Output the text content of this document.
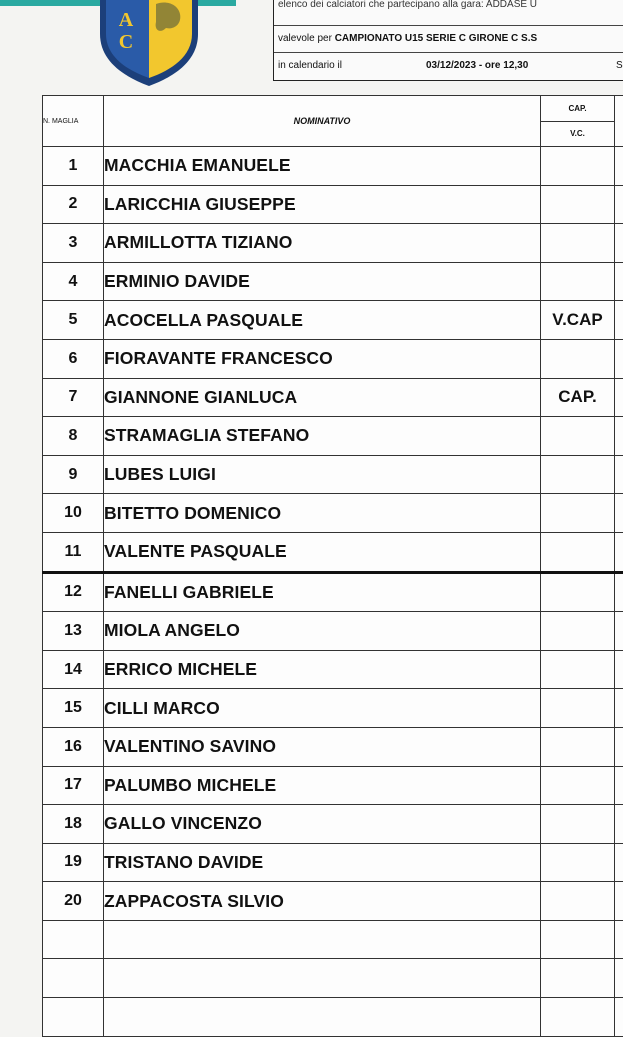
A
C
elenco dei calciatori che partecipano alla gara: ADDASE U
valevole per CAMPIONATO U15 SERIE C GIRONE C S.S
in calendario il	03/12/2023 - ore 12,30	S
N. MAGLIA	NOMINATIVO	CAP.	
		V.C.	
1	MACCHIA EMANUELE		
2	LARICCHIA GIUSEPPE		
3	ARMILLOTTA TIZIANO		
4	ERMINIO DAVIDE		
5	ACOCELLA PASQUALE	V.CAP	
6	FIORAVANTE FRANCESCO		
7	GIANNONE GIANLUCA	CAP.	
8	STRAMAGLIA STEFANO		
9	LUBES LUIGI		
10	BITETTO DOMENICO		
11	VALENTE PASQUALE		
12	FANELLI GABRIELE		
13	MIOLA ANGELO		
14	ERRICO MICHELE		
15	CILLI MARCO		
16	VALENTINO SAVINO		
17	PALUMBO MICHELE		
18	GALLO VINCENZO		
19	TRISTANO DAVIDE		
20	ZAPPACOSTA SILVIO		
